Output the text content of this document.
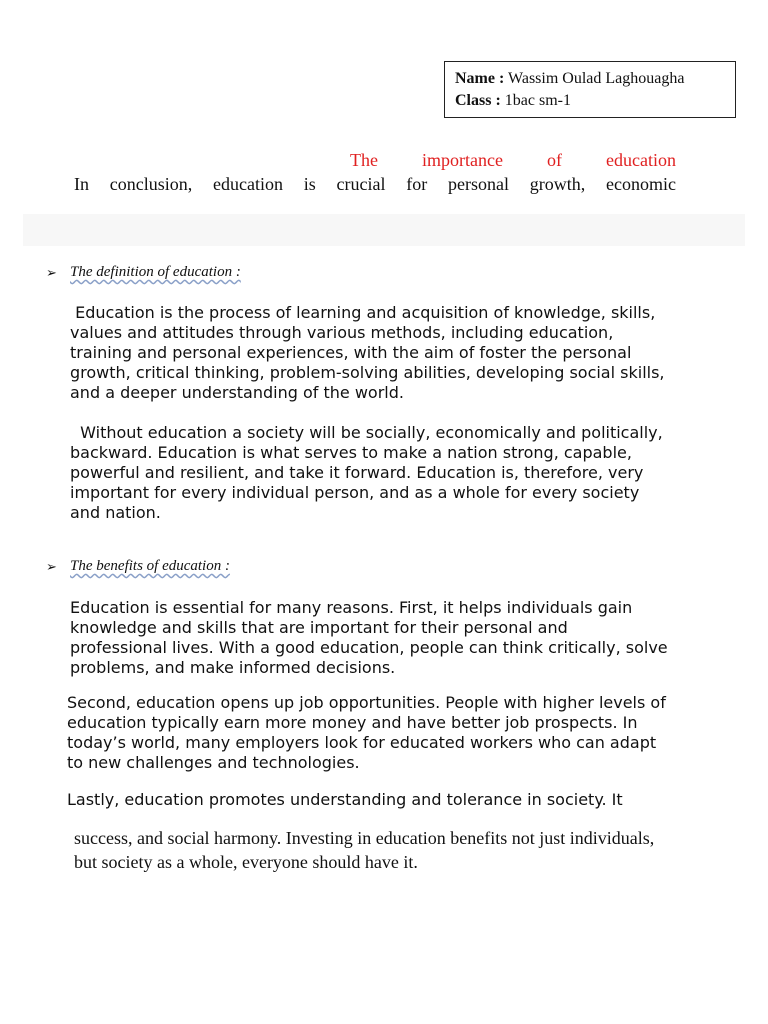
Name : Wassim Oulad Laghouagha
Class : 1bac sm-1
The importance of education
In conclusion, education is crucial for personal growth, economic
➢ The definition of education :
Education is the process of learning and acquisition of knowledge, skills,
values and attitudes through various methods, including education,
training and personal experiences, with the aim of foster the personal
growth, critical thinking, problem-solving abilities, developing social skills,
and a deeper understanding of the world.
Without education a society will be socially, economically and politically,
backward. Education is what serves to make a nation strong, capable,
powerful and resilient, and take it forward. Education is, therefore, very
important for every individual person, and as a whole for every society
and nation.
➢ The benefits of education :
Education is essential for many reasons. First, it helps individuals gain
knowledge and skills that are important for their personal and
professional lives. With a good education, people can think critically, solve
problems, and make informed decisions.
Second, education opens up job opportunities. People with higher levels of
education typically earn more money and have better job prospects. In
today’s world, many employers look for educated workers who can adapt
to new challenges and technologies.
Lastly, education promotes understanding and tolerance in society. It
success, and social harmony. Investing in education benefits not just individuals, but society as a whole, everyone should have it.
